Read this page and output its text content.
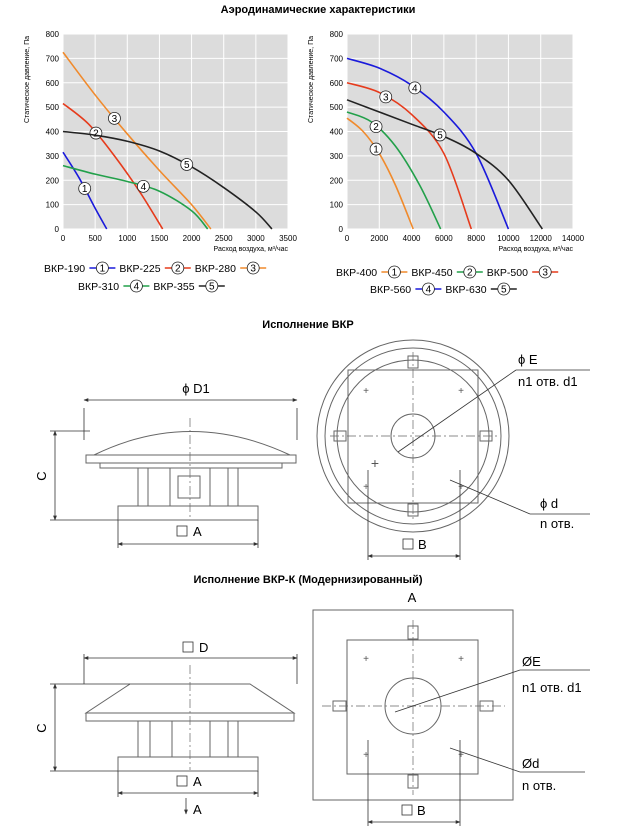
Аэродинамические характеристики
Исполнение ВКР
Исполнение ВКР-К (Модернизированный)
0	500 1000 1500 2000 2500 3000 3500
0
100
200
300
400
500
600
700
800
Расход воздуха, м³/час
Статическое давление, Па
1
2
3
4
5
ВКР-190 1 ВКР-225 2 ВКР-280 3
ВКР-310 4 ВКР-355 5
0	2000 4000 6000 8000 10000 12000 14000
0
100
200
300
400
500
600
700
800
Расход воздуха, м³/час
Статическое давление, Па
1
2
3
4
5
ВКР-400 1 ВКР-450 2 ВКР-500 3
ВКР-560 4 ВКР-630 5
ϕ D1
C
A
+	+
+	+
+
ϕ E
n1 отв. d1
ϕ d
n отв.
B
D
C
A
A
A
+	+
+	+
ØE
n1 отв. d1
Ød
n отв.
B
